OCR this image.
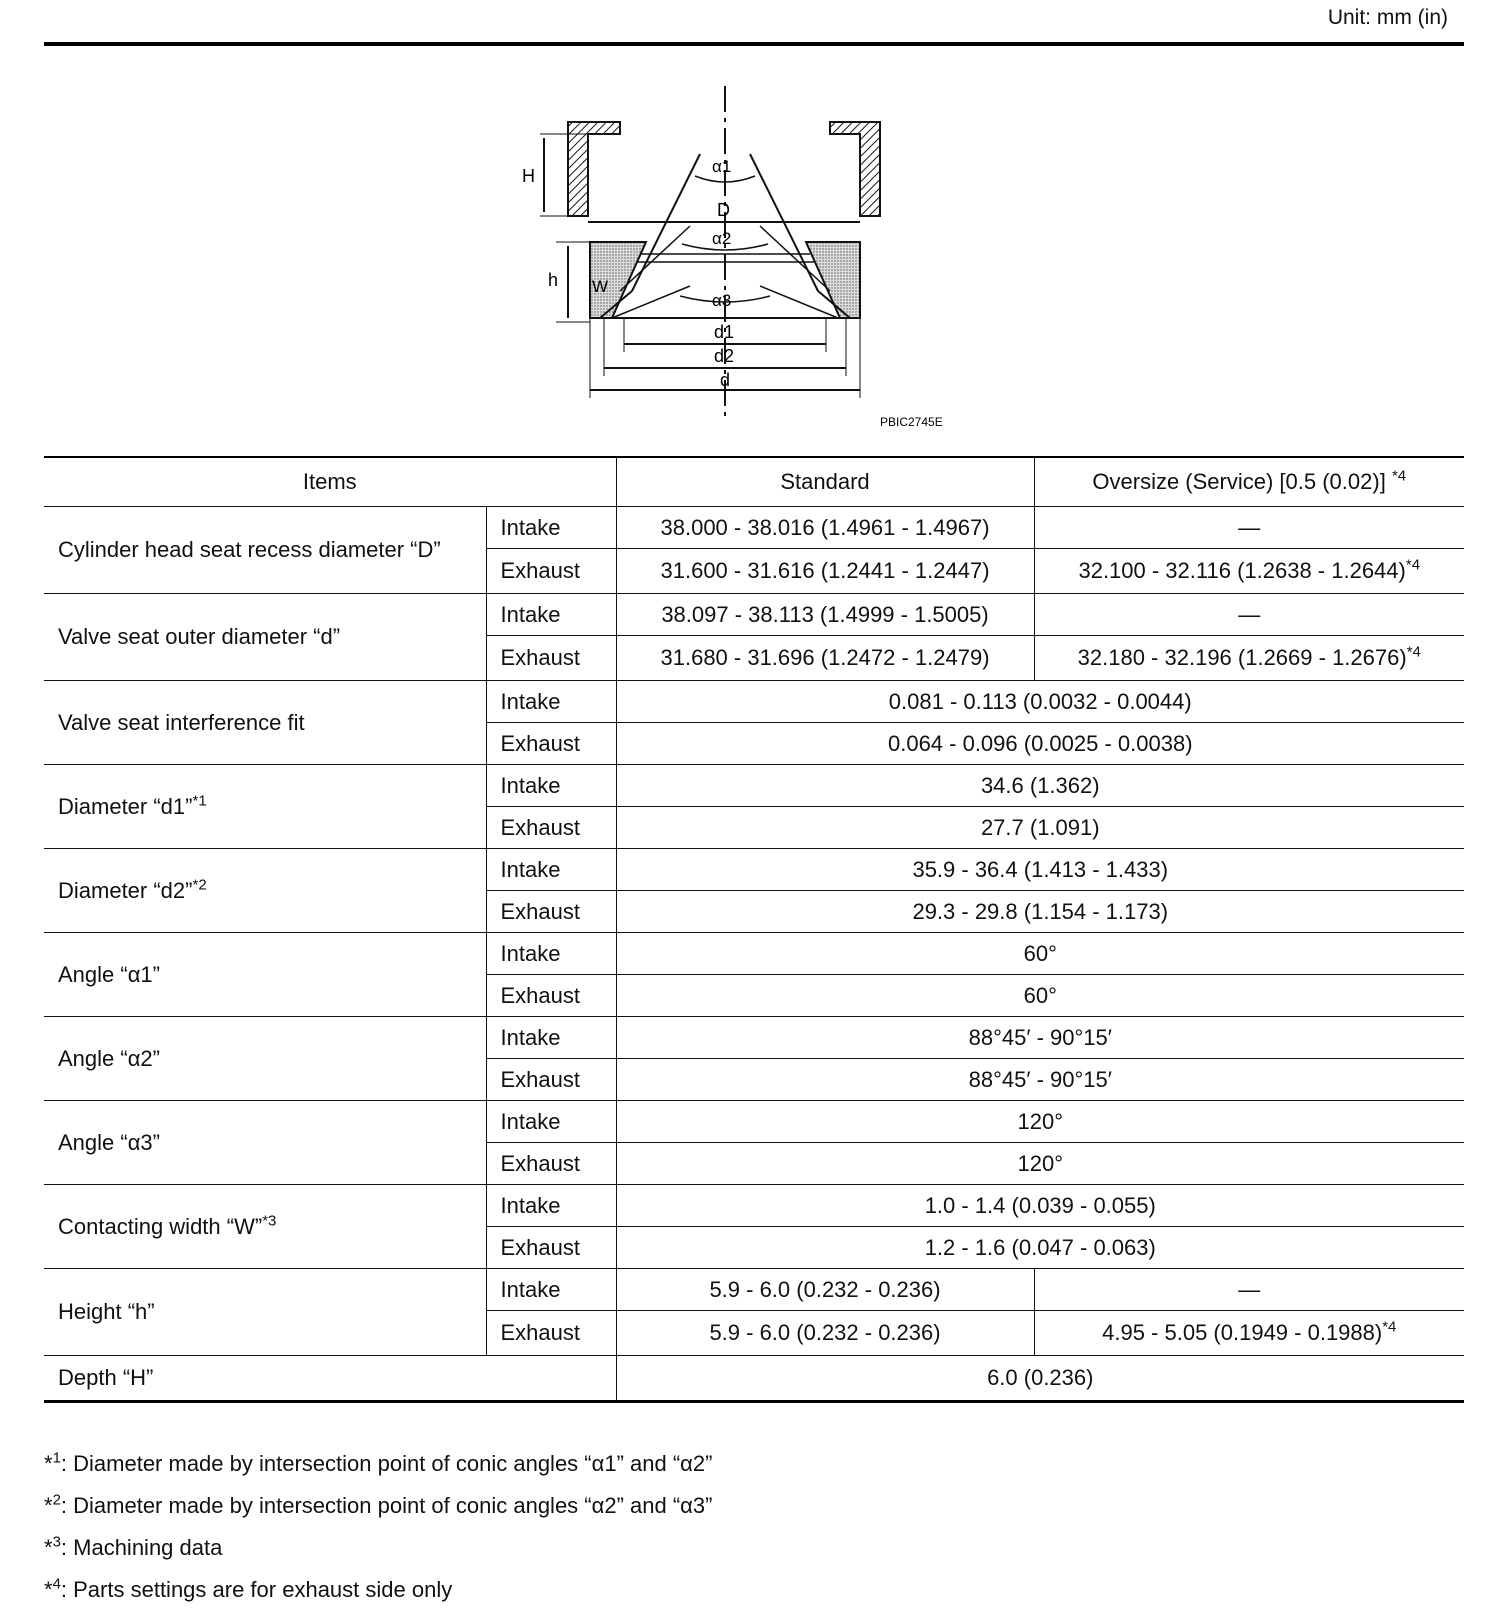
Unit: mm (in)
H
h
D
W
α1
α2
α3
d1
d2
d
PBIC2745E
Items		Standard	Oversize (Service) [0.5 (0.02)] $^{*4}$
Cylinder head seat recess diameter “D”	Intake	38.000 - 38.016 (1.4961 - 1.4967)	—
	Exhaust	31.600 - 31.616 (1.2441 - 1.2447)	32.100 - 32.116 (1.2638 - 1.2644)$^{*4}$
Valve seat outer diameter “d”	Intake	38.097 - 38.113 (1.4999 - 1.5005)	—
	Exhaust	31.680 - 31.696 (1.2472 - 1.2479)	32.180 - 32.196 (1.2669 - 1.2676)$^{*4}$
Valve seat interference fit	Intake	0.081 - 0.113 (0.0032 - 0.0044)	
	Exhaust	0.064 - 0.096 (0.0025 - 0.0038)	
Diameter “d1”$^{*1}$	Intake	34.6 (1.362)	
	Exhaust	27.7 (1.091)	
Diameter “d2”$^{*2}$	Intake	35.9 - 36.4 (1.413 - 1.433)	
	Exhaust	29.3 - 29.8 (1.154 - 1.173)	
Angle “α1”	Intake	60°	
	Exhaust	60°	
Angle “α2”	Intake	88°45′ - 90°15′	
	Exhaust	88°45′ - 90°15′	
Angle “α3”	Intake	120°	
	Exhaust	120°	
Contacting width “W”$^{*3}$	Intake	1.0 - 1.4 (0.039 - 0.055)	
	Exhaust	1.2 - 1.6 (0.047 - 0.063)	
Height “h”	Intake	5.9 - 6.0 (0.232 - 0.236)	—
	Exhaust	5.9 - 6.0 (0.232 - 0.236)	4.95 - 5.05 (0.1949 - 0.1988)$^{*4}$
Depth “H”		6.0 (0.236)	
*$^1$: Diameter made by intersection point of conic angles “α1” and “α2”
*$^2$: Diameter made by intersection point of conic angles “α2” and “α3”
*$^3$: Machining data
*$^4$: Parts settings are for exhaust side only
